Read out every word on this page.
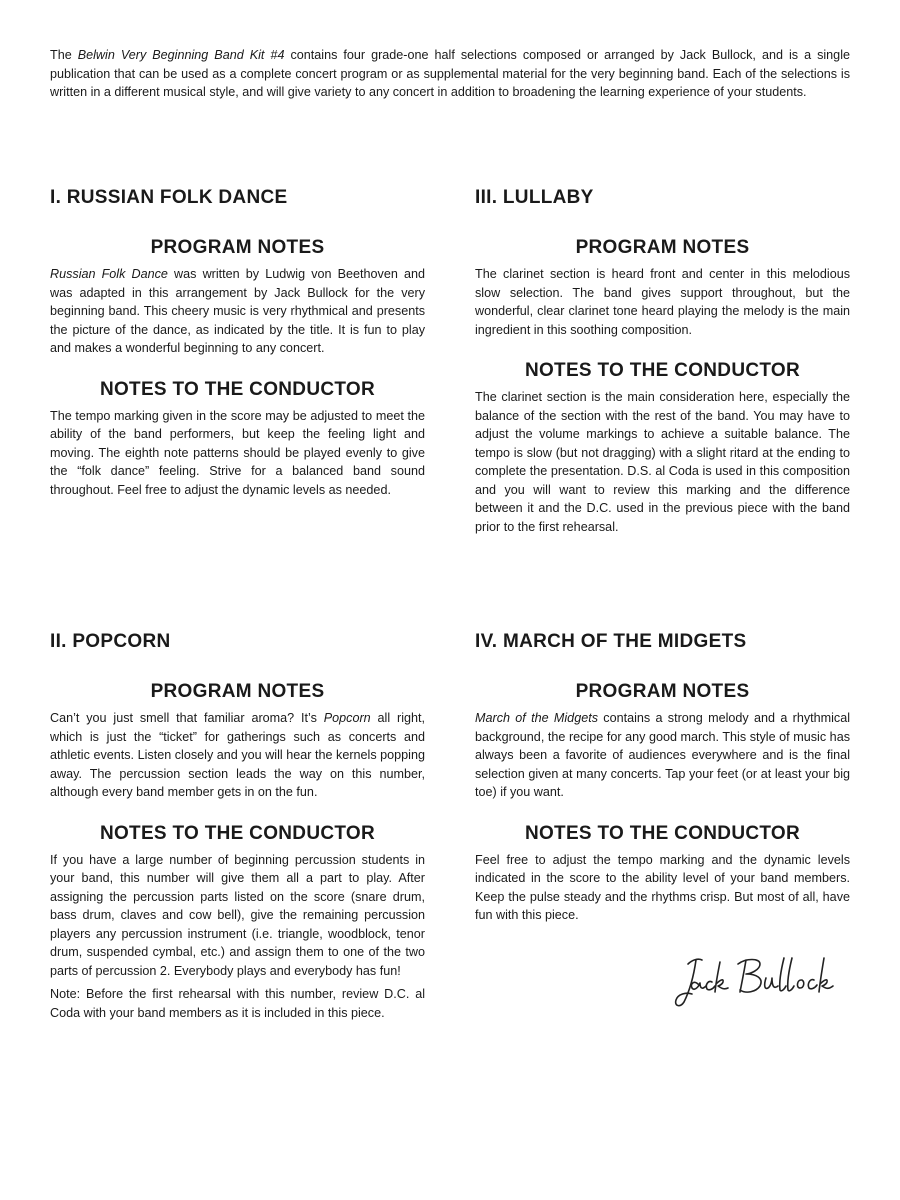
The Belwin Very Beginning Band Kit #4 contains four grade-one half selections composed or arranged by Jack Bullock, and is a single publication that can be used as a complete concert program or as supplemental material for the very beginning band. Each of the selections is written in a different musical style, and will give variety to any concert in addition to broadening the learning experience of your students.

I. RUSSIAN FOLK DANCE
PROGRAM NOTES

Russian Folk Dance was written by Ludwig von Beethoven and was adapted in this arrangement by Jack Bullock for the very beginning band. This cheery music is very rhythmical and presents the picture of the dance, as indicated by the title. It is fun to play and makes a wonderful beginning to any concert.

NOTES TO THE CONDUCTOR

The tempo marking given in the score may be adjusted to meet the ability of the band performers, but keep the feeling light and moving. The eighth note patterns should be played evenly to give the “folk dance” feeling. Strive for a balanced band sound throughout. Feel free to adjust the dynamic levels as needed.

III. LULLABY
PROGRAM NOTES

The clarinet section is heard front and center in this melodious slow selection. The band gives support throughout, but the wonderful, clear clarinet tone heard playing the melody is the main ingredient in this soothing composition.

NOTES TO THE CONDUCTOR

The clarinet section is the main consideration here, especially the balance of the section with the rest of the band. You may have to adjust the volume markings to achieve a suitable balance. The tempo is slow (but not dragging) with a slight ritard at the ending to complete the presentation. D.S. al Coda is used in this composition and you will want to review this marking and the difference between it and the D.C. used in the previous piece with the band prior to the first rehearsal.

II. POPCORN
PROGRAM NOTES

Can’t you just smell that familiar aroma? It’s Popcorn all right, which is just the “ticket” for gatherings such as concerts and athletic events. Listen closely and you will hear the kernels popping away. The percussion section leads the way on this number, although every band member gets in on the fun.

NOTES TO THE CONDUCTOR

If you have a large number of beginning percussion students in your band, this number will give them all a part to play. After assigning the percussion parts listed on the score (snare drum, bass drum, claves and cow bell), give the remaining percussion players any percussion instrument (i.e. triangle, woodblock, tenor drum, suspended cymbal, etc.) and assign them to one of the two parts of percussion 2. Everybody plays and everybody has fun!

Note: Before the first rehearsal with this number, review D.C. al Coda with your band members as it is included in this piece.

IV. MARCH OF THE MIDGETS
PROGRAM NOTES

March of the Midgets contains a strong melody and a rhythmical background, the recipe for any good march. This style of music has always been a favorite of audiences everywhere and is the final selection given at many concerts. Tap your feet (or at least your big toe) if you want.

NOTES TO THE CONDUCTOR

Feel free to adjust the tempo marking and the dynamic levels indicated in the score to the ability level of your band members. Keep the pulse steady and the rhythms crisp. But most of all, have fun with this piece.
